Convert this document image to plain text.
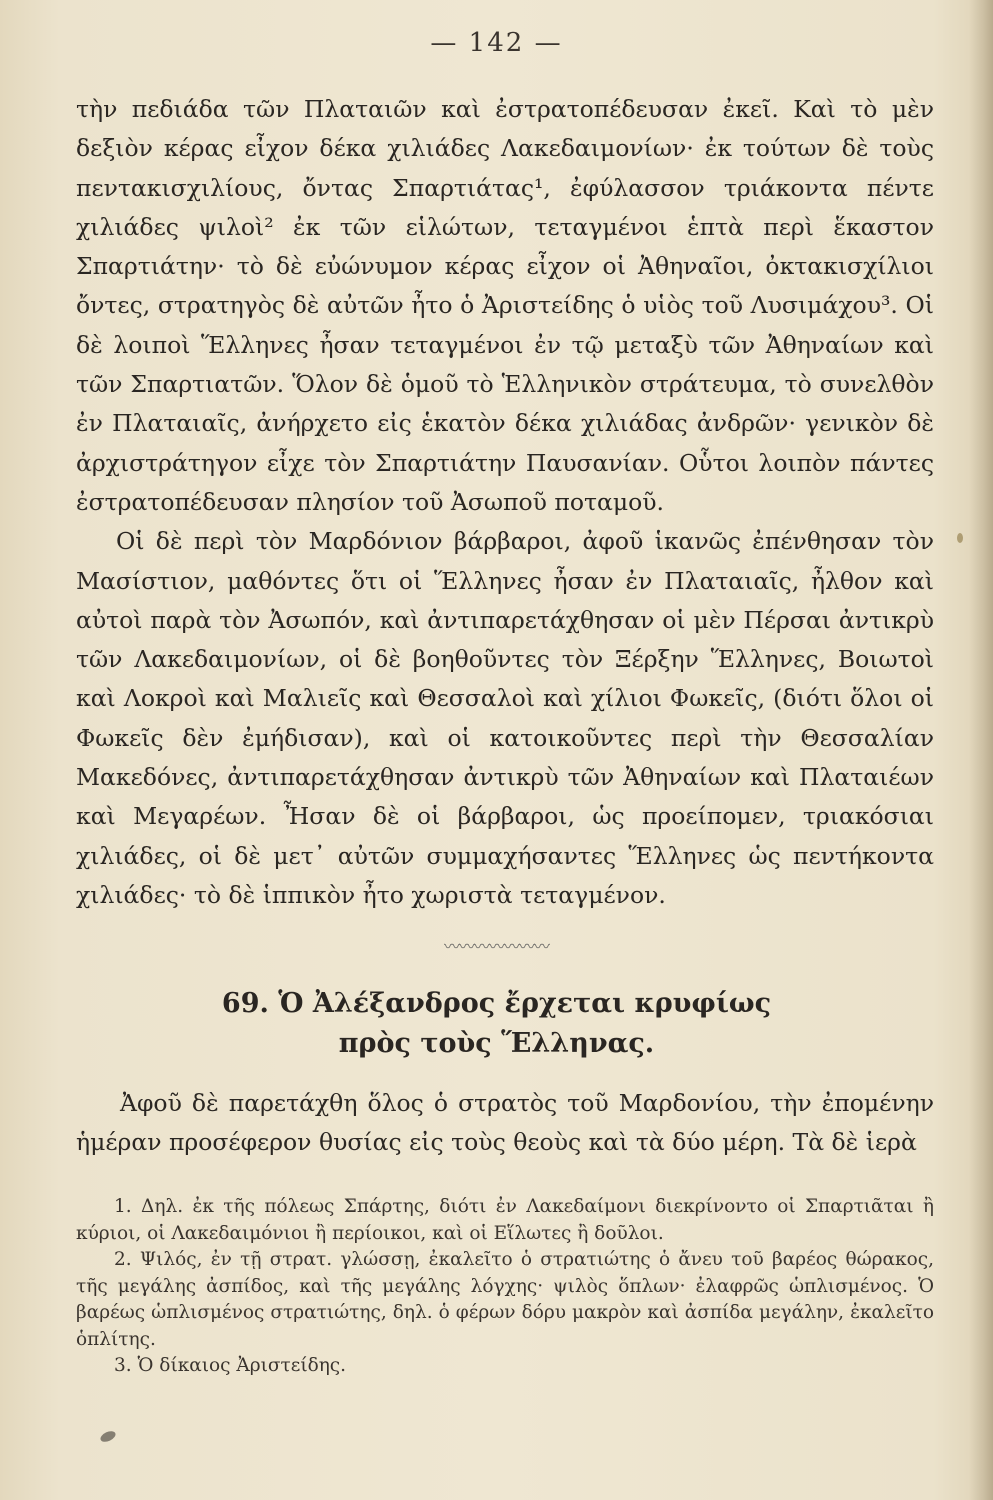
— 142 —

τὴν πεδιάδα τῶν Πλαταιῶν καὶ ἐστρατοπέδευσαν ἐκεῖ. Καὶ τὸ μὲν δεξιὸν κέρας εἶχον δέκα χιλιάδες Λακεδαιμονίων· ἐκ τούτων δὲ τοὺς πεντακισχιλίους, ὄντας Σπαρτιάτας¹, ἐφύλασσον τριάκοντα πέντε χιλιάδες ψιλοὶ² ἐκ τῶν εἱλώτων, τεταγμένοι ἑπτὰ περὶ ἕκαστον Σπαρτιάτην· τὸ δὲ εὐώνυμον κέρας εἶχον οἱ Ἀθηναῖοι, ὀκτακισχίλιοι ὄντες, στρατηγὸς δὲ αὐτῶν ἦτο ὁ Ἀριστείδης ὁ υἱὸς τοῦ Λυσιμάχου³. Οἱ δὲ λοιποὶ Ἕλληνες ἦσαν τεταγμένοι ἐν τῷ μεταξὺ τῶν Ἀθηναίων καὶ τῶν Σπαρτιατῶν. Ὅλον δὲ ὁμοῦ τὸ Ἑλληνικὸν στράτευμα, τὸ συνελθὸν ἐν Πλαταιαῖς, ἀνήρχετο εἰς ἑκατὸν δέκα χιλιάδας ἀνδρῶν· γενικὸν δὲ ἀρχιστράτηγον εἶχε τὸν Σπαρτιάτην Παυσανίαν. Οὗτοι λοιπὸν πάντες ἐστρατοπέδευσαν πλησίον τοῦ Ἀσωποῦ ποταμοῦ.

Οἱ δὲ περὶ τὸν Μαρδόνιον βάρβαροι, ἀφοῦ ἱκανῶς ἐπένθησαν τὸν Μασίστιον, μαθόντες ὅτι οἱ Ἕλληνες ἦσαν ἐν Πλαταιαῖς, ἦλθον καὶ αὐτοὶ παρὰ τὸν Ἀσωπόν, καὶ ἀντιπαρετάχθησαν οἱ μὲν Πέρσαι ἀντικρὺ τῶν Λακεδαιμονίων, οἱ δὲ βοηθοῦντες τὸν Ξέρξην Ἕλληνες, Βοιωτοὶ καὶ Λοκροὶ καὶ Μαλιεῖς καὶ Θεσσαλοὶ καὶ χίλιοι Φωκεῖς, (διότι ὅλοι οἱ Φωκεῖς δὲν ἐμήδισαν), καὶ οἱ κατοικοῦντες περὶ τὴν Θεσσαλίαν Μακεδόνες, ἀντιπαρετάχθησαν ἀντικρὺ τῶν Ἀθηναίων καὶ Πλαταιέων καὶ Μεγαρέων. Ἦσαν δὲ οἱ βάρβαροι, ὡς προείπομεν, τριακόσιαι χιλιάδες, οἱ δὲ μετ᾽ αὐτῶν συμμαχήσαντες Ἕλληνες ὡς πεντήκοντα χιλιάδες· τὸ δὲ ἱππικὸν ἦτο χωριστὰ τεταγμένον.

〰〰〰〰〰〰〰
69. Ὁ Ἀλέξανδρος ἔρχεται κρυφίως
πρὸς τοὺς Ἕλληνας.
Ἀφοῦ δὲ παρετάχθη ὅλος ὁ στρατὸς τοῦ Μαρδονίου, τὴν ἐπομένην ἡμέραν προσέφερον θυσίας εἰς τοὺς θεοὺς καὶ τὰ δύο μέρη. Τὰ δὲ ἱερὰ

1. Δηλ. ἐκ τῆς πόλεως Σπάρτης, διότι ἐν Λακεδαίμονι διεκρίνοντο οἱ Σπαρτιᾶται ἢ κύριοι, οἱ Λακεδαιμόνιοι ἢ περίοικοι, καὶ οἱ Εἵλωτες ἢ δοῦλοι.

2. Ψιλός, ἐν τῇ στρατ. γλώσσῃ, ἐκαλεῖτο ὁ στρατιώτης ὁ ἄνευ τοῦ βαρέος θώρακος, τῆς μεγάλης ἀσπίδος, καὶ τῆς μεγάλης λόγχης· ψιλὸς ὅπλων· ἐλαφρῶς ὡπλισμένος. Ὁ βαρέως ὡπλισμένος στρατιώτης, δηλ. ὁ φέρων δόρυ μακρὸν καὶ ἀσπίδα μεγάλην, ἐκαλεῖτο ὁπλίτης.

3. Ὁ δίκαιος Ἀριστείδης.
